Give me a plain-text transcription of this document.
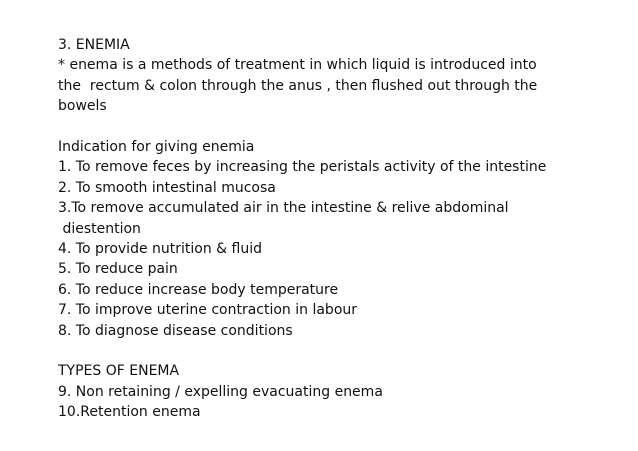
3. ENEMIA
* enema is a methods of treatment in which liquid is introduced into
the  rectum & colon through the anus , then flushed out through the
bowels
Indication for giving enemia
1. To remove feces by increasing the peristals activity of the intestine
2. To smooth intestinal mucosa
3.To remove accumulated air in the intestine & relive abdominal
diestention
4. To provide nutrition & fluid
5. To reduce pain
6. To reduce increase body temperature
7. To improve uterine contraction in labour
8. To diagnose disease conditions
TYPES OF ENEMA
9. Non retaining / expelling evacuating enema
10.Retention enema
